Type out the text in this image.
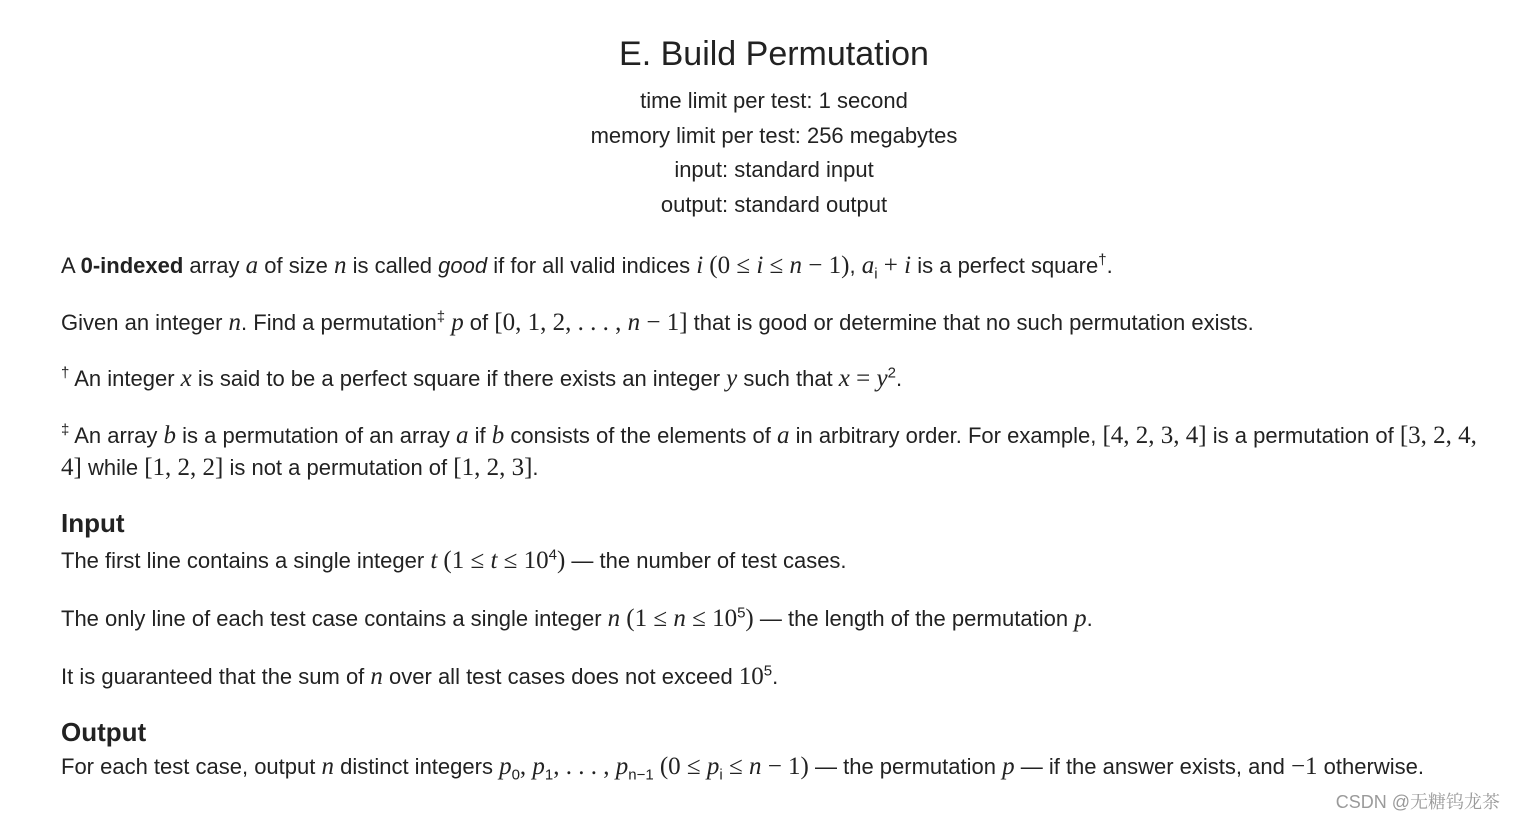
E. Build Permutation
time limit per test: 1 second
memory limit per test: 256 megabytes
input: standard input
output: standard output
A 0-indexed array a of size n is called good if for all valid indices i (0 ≤ i ≤ n − 1), $a_i + i$ is a perfect square†.
Given an integer n. Find a permutation‡ p of [0, 1, 2, . . . , n − 1] that is good or determine that no such permutation exists.
† An integer x is said to be a perfect square if there exists an integer y such that $x = y^2$.
‡ An array b is a permutation of an array a if b consists of the elements of a in arbitrary order. For example, [4, 2, 3, 4] is a permutation of [3, 2, 4, 4] while [1, 2, 2] is not a permutation of [1, 2, 3].
Input
The first line contains a single integer t $(1 \le t \le 10^4)$ — the number of test cases.
The only line of each test case contains a single integer n $(1 \le n \le 10^5)$ — the length of the permutation p.
It is guaranteed that the sum of n over all test cases does not exceed $10^5$.
Output
For each test case, output n distinct integers $p_0$, $p_1$, . . . , $p_{n-1}$ $(0 \le p_i \le n - 1)$ — the permutation p — if the answer exists, and −1 otherwise.
CSDN @无糖钨龙茶
